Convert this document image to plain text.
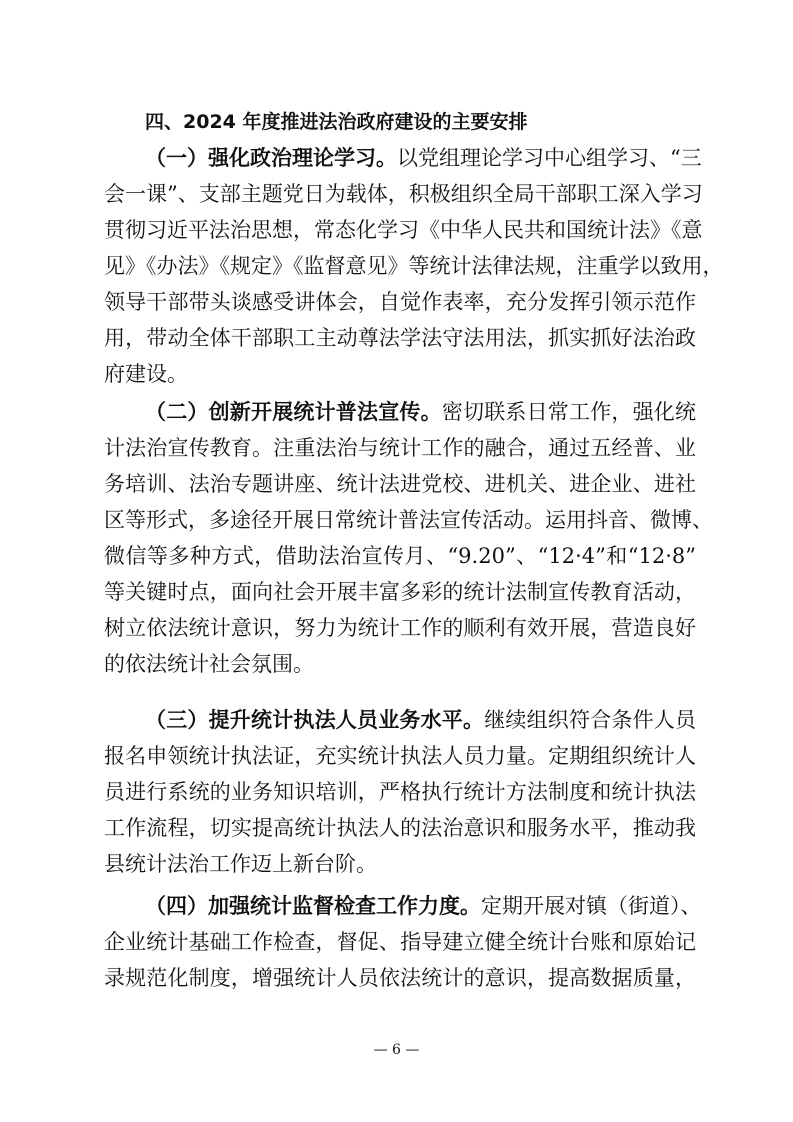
四、2024 年度推进法治政府建设的主要安排
（一）强化政治理论学习。以党组理论学习中心组学习、“三
会一课”、支部主题党日为载体，积极组织全局干部职工深入学习
贯彻习近平法治思想，常态化学习《中华人民共和国统计法》《意
见》《办法》《规定》《监督意见》等统计法律法规，注重学以致用，
领导干部带头谈感受讲体会，自觉作表率，充分发挥引领示范作
用，带动全体干部职工主动尊法学法守法用法，抓实抓好法治政
府建设。
（二）创新开展统计普法宣传。密切联系日常工作，强化统
计法治宣传教育。注重法治与统计工作的融合，通过五经普、业
务培训、法治专题讲座、统计法进党校、进机关、进企业、进社
区等形式，多途径开展日常统计普法宣传活动。运用抖音、微博、
微信等多种方式，借助法治宣传月、“9.20”、“12·4”和“12·8”
等关键时点，面向社会开展丰富多彩的统计法制宣传教育活动，
树立依法统计意识，努力为统计工作的顺利有效开展，营造良好
的依法统计社会氛围。
（三）提升统计执法人员业务水平。继续组织符合条件人员
报名申领统计执法证，充实统计执法人员力量。定期组织统计人
员进行系统的业务知识培训，严格执行统计方法制度和统计执法
工作流程，切实提高统计执法人的法治意识和服务水平，推动我
县统计法治工作迈上新台阶。
（四）加强统计监督检查工作力度。定期开展对镇（街道）、
企业统计基础工作检查，督促、指导建立健全统计台账和原始记
录规范化制度，增强统计人员依法统计的意识，提高数据质量，
— 6 —
